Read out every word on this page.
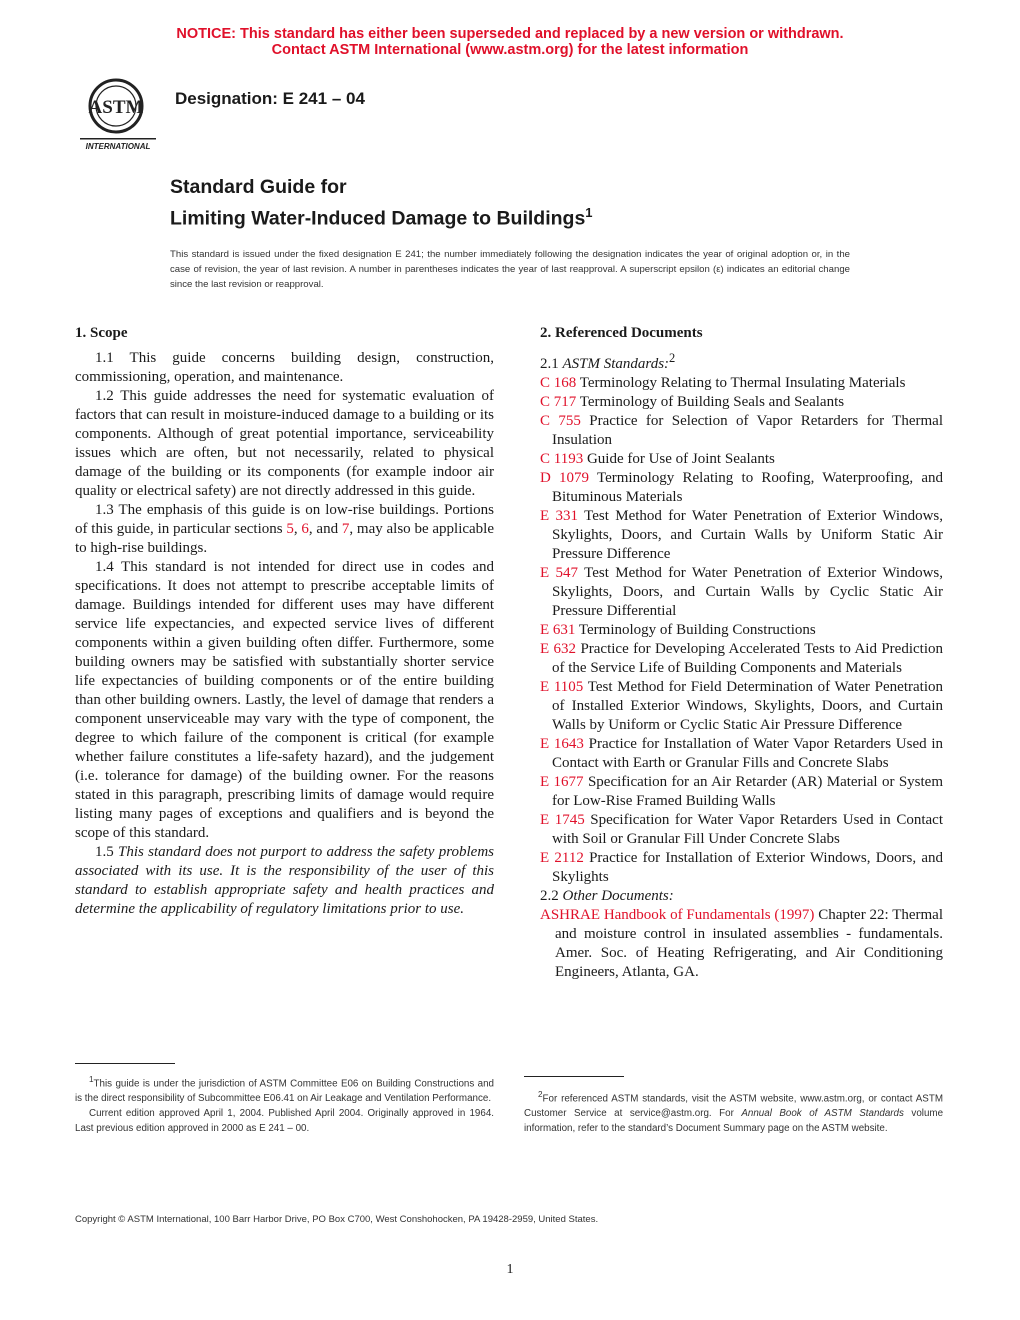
NOTICE: This standard has either been superseded and replaced by a new version or withdrawn.
Contact ASTM International (www.astm.org) for the latest information
ASTM
INTERNATIONAL
Designation: E 241 – 04
Standard Guide for
Limiting Water-Induced Damage to Buildings$^1$
This standard is issued under the fixed designation E 241; the number immediately following the designation indicates the year of original adoption or, in the case of revision, the year of last revision. A number in parentheses indicates the year of last reapproval. A superscript epsilon (ε) indicates an editorial change since the last revision or reapproval.
1. Scope

1.1 This guide concerns building design, construction, commissioning, operation, and maintenance.

1.2 This guide addresses the need for systematic evaluation of factors that can result in moisture-induced damage to a building or its components. Although of great potential importance, serviceability issues which are often, but not necessarily, related to physical damage of the building or its components (for example indoor air quality or electrical safety) are not directly addressed in this guide.

1.3 The emphasis of this guide is on low-rise buildings. Portions of this guide, in particular sections 5, 6, and 7, may also be applicable to high-rise buildings.

1.4 This standard is not intended for direct use in codes and specifications. It does not attempt to prescribe acceptable limits of damage. Buildings intended for different uses may have different service life expectancies, and expected service lives of different components within a given building often differ. Furthermore, some building owners may be satisfied with substantially shorter service life expectancies of building components or of the entire building than other building owners. Lastly, the level of damage that renders a component unserviceable may vary with the type of component, the degree to which failure of the component is critical (for example whether failure constitutes a life-safety hazard), and the judgement (i.e. tolerance for damage) of the building owner. For the reasons stated in this paragraph, prescribing limits of damage would require listing many pages of exceptions and qualifiers and is beyond the scope of this standard.

1.5 This standard does not purport to address the safety problems associated with its use. It is the responsibility of the user of this standard to establish appropriate safety and health practices and determine the applicability of regulatory limitations prior to use.

2. Referenced Documents
2.1 ASTM Standards:$^2$
C 168 Terminology Relating to Thermal Insulating Materials
C 717 Terminology of Building Seals and Sealants
C 755 Practice for Selection of Vapor Retarders for Thermal Insulation
C 1193 Guide for Use of Joint Sealants
D 1079 Terminology Relating to Roofing, Waterproofing, and Bituminous Materials
E 331 Test Method for Water Penetration of Exterior Windows, Skylights, Doors, and Curtain Walls by Uniform Static Air Pressure Difference
E 547 Test Method for Water Penetration of Exterior Windows, Skylights, Doors, and Curtain Walls by Cyclic Static Air Pressure Differential
E 631 Terminology of Building Constructions
E 632 Practice for Developing Accelerated Tests to Aid Prediction of the Service Life of Building Components and Materials
E 1105 Test Method for Field Determination of Water Penetration of Installed Exterior Windows, Skylights, Doors, and Curtain Walls by Uniform or Cyclic Static Air Pressure Difference
E 1643 Practice for Installation of Water Vapor Retarders Used in Contact with Earth or Granular Fills and Concrete Slabs
E 1677 Specification for an Air Retarder (AR) Material or System for Low-Rise Framed Building Walls
E 1745 Specification for Water Vapor Retarders Used in Contact with Soil or Granular Fill Under Concrete Slabs
E 2112 Practice for Installation of Exterior Windows, Doors, and Skylights
2.2 Other Documents:
ASHRAE Handbook of Fundamentals (1997) Chapter 22: Thermal and moisture control in insulated assemblies - fundamentals. Amer. Soc. of Heating Refrigerating, and Air Conditioning Engineers, Atlanta, GA.

$^1$This guide is under the jurisdiction of ASTM Committee E06 on Building Constructions and is the direct responsibility of Subcommittee E06.41 on Air Leakage and Ventilation Performance.

Current edition approved April 1, 2004. Published April 2004. Originally approved in 1964. Last previous edition approved in 2000 as E 241 – 00.

$^2$For referenced ASTM standards, visit the ASTM website, www.astm.org, or contact ASTM Customer Service at service@astm.org. For Annual Book of ASTM Standards volume information, refer to the standard’s Document Summary page on the ASTM website.

Copyright © ASTM International, 100 Barr Harbor Drive, PO Box C700, West Conshohocken, PA 19428-2959, United States.
1
